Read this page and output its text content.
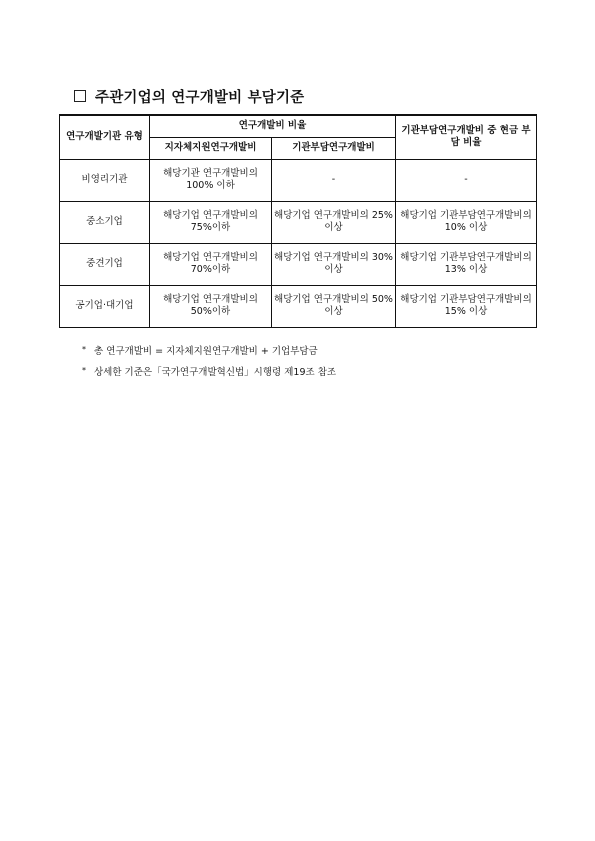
주관기업의 연구개발비 부담기준
연구개발기관 유형	연구개발비 비율		기관부담연구개발비 중 현금 부담 비율
	지자체지원연구개발비	기관부담연구개발비	
비영리기관	해당기관 연구개발비의 100% 이하	-	-
중소기업	해당기업 연구개발비의 75%이하	해당기업 연구개발비의 25% 이상	해당기업 기관부담연구개발비의 10% 이상
중견기업	해당기업 연구개발비의 70%이하	해당기업 연구개발비의 30% 이상	해당기업 기관부담연구개발비의 13% 이상
공기업·대기업	해당기업 연구개발비의 50%이하	해당기업 연구개발비의 50% 이상	해당기업 기관부담연구개발비의 15% 이상
* 총 연구개발비 = 지자체지원연구개발비 + 기업부담금
* 상세한 기준은「국가연구개발혁신법」시행령 제19조 참조
